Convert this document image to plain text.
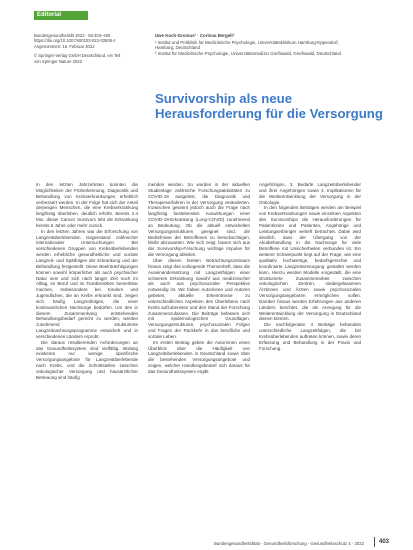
Editorial
Bundesgesundheitsbl 2022 · 65:403–405
https://doi.org/10.1007/s00103-022-03508-z
Angenommen: 16. Februar 2022
© Springer-Verlag GmbH Deutschland, ein Teil
von Springer Nature 2022
Uwe Koch-Gromus¹ · Corinna Bergelt²
¹ Institut und Poliklinik für Medizinische Psychologie, Universitätsklinikum Hamburg-Eppendorf,
Hamburg, Deutschland
² Institut für Medizinische Psychologie, Universitätsmedizin Greifswald, Greifswald, Deutschland
Survivorship als neue Herausforderung für die Versorgung

In den letzten Jahrzehnten konnten die Möglichkeiten der Früherkennung, Diagnostik und Behandlung von Krebserkrankungen erheblich verbessert werden. In der Folge hat sich der Anteil derjenigen Menschen, die eine Krebserkrankung langfristig überleben, deutlich erhöht. Bereits 2.4 Mio. dieser Cancer Survivors lebt die Erkrankung bereits 5 Jahre oder mehr zurück.

In den letzten Jahren war die Erforschung von Langzeitüberlebenden Gegenstand zahlreicher internationaler Untersuchungen. Bei verschiedenen Gruppen von Krebsüberlebenden werden erhebliche gesundheitliche und soziale Langzeit- und Spätfolgen der Erkrankung und der Behandlung festgestellt. Diese Beeinträchtigungen können sowohl körperlicher als auch psychischer Natur sein und sich nach langer Zeit noch im Alltag, im Beruf und im Familienleben bemerkbar machen. Insbesondere bei Kindern und Jugendlichen, die an Krebs erkrankt sind, zeigen sich häufig Langzeitfolgen, die einer kontinuierlichen Nachsorge bedürfen. Um den in diesem Zusammenhang entstehenden Behandlungsbedarf gerecht zu werden, werden zunehmend strukturierte Langzeitnachsorgeprogramme entwickelt und in verschiedenen Ländern erprobt.

Die daraus resultierenden Anforderungen an das Gesundheitssystem sind vielfältig. Bislang existieren nur wenige spezifische Versorgungsangebote für Langzeitüberlebende nach Krebs, und die Schnittstellen zwischen onkologischer Versorgung und hausärztlicher Betreuung sind häufig

menden werden. So wurden in der aktuellen Studienlage zahlreiche Forschungsaktivitäten zu COVID-19 ausgelöst, die Diagnostik und Therapieverfahren in der Versorgung veränderten. Inzwischen gewinnt jedoch auch die Frage nach langfristig bestehenden Auswirkungen einer COVID-19-Erkrankung (Long-COVID) zunehmend an Bedeutung. Ob die aktuell entwickelten Versorgungsstrukturen geeignet sind, die Bedürfnisse der Betroffenen zu berücksichtigen, bleibt abzuwarten. Wie sich zeigt, lassen sich aus der Survivorship-Forschung wichtige Impulse für die Versorgung ableiten.

Über diesen breiten Betrachtungszeitraum hinaus zeigt das vorliegende Themenheft, dass die Auseinandersetzung mit Langzeitfolgen einer schweren Erkrankung sowohl aus medizinischer als auch aus psychosozialer Perspektive notwendig ist. Wir haben Autorinnen und Autoren gebeten, aktuelle Erkenntnisse zu unterschiedlichen Aspekten des Überlebens nach Krebs aufzubereiten und den Stand der Forschung zusammenzufassen. Die Beiträge befassen sich mit epidemiologischen Grundlagen, Versorgungsstrukturen, psychosozialen Folgen und Fragen der Rückkehr in das berufliche und soziale Leben.

Im ersten Beitrag geben die Autorinnen einen Überblick über die Häufigkeit von Langzeitüberlebenden in Deutschland sowie über die bestehenden Versorgungsangebote und zeigen, welcher Handlungsbedarf sich daraus für das Gesundheitssystem ergibt

Angehörigen, 3. Bedarfe Langzeitüberlebender und ihrer Angehörigen sowie 4. Implikationen für die Weiterentwicklung der Versorgung in der Onkologie.

In den folgenden Beiträgen werden am Beispiel von Krebserkrankungen sowie einzelnen Aspekten des Survivorships die Herausforderungen für Patientinnen und Patienten, Angehörige und Leistungserbringer vertieft betrachtet. Dabei wird deutlich, dass der Übergang von der Akutbehandlung in die Nachsorge für viele Betroffene mit Unsicherheiten verbunden ist. Ein weiterer Schwerpunkt liegt auf der Frage, wie eine qualitativ hochwertige, bedarfsgerechte und koordinierte Langzeitversorgung gestaltet werden kann. Hierzu werden Modelle vorgestellt, die eine strukturierte Zusammenarbeit zwischen onkologischen Zentren, niedergelassenen Ärztinnen und Ärzten sowie psychosozialen Versorgungsangeboten ermöglichen sollen. Darüber hinaus werden Erfahrungen aus anderen Ländern berichtet, die als Anregung für die Weiterentwicklung der Versorgung in Deutschland dienen können.

Die nachfolgenden 4 Beiträge behandeln unterschiedliche Langzeitfolgen, die bei Krebsüberlebenden auftreten können, sowie deren Erfassung und Behandlung in der Praxis und Forschung.

Bundesgesundheitsblatt - Gesundheitsforschung - Gesundheitsschutz 4 · 2022 403
